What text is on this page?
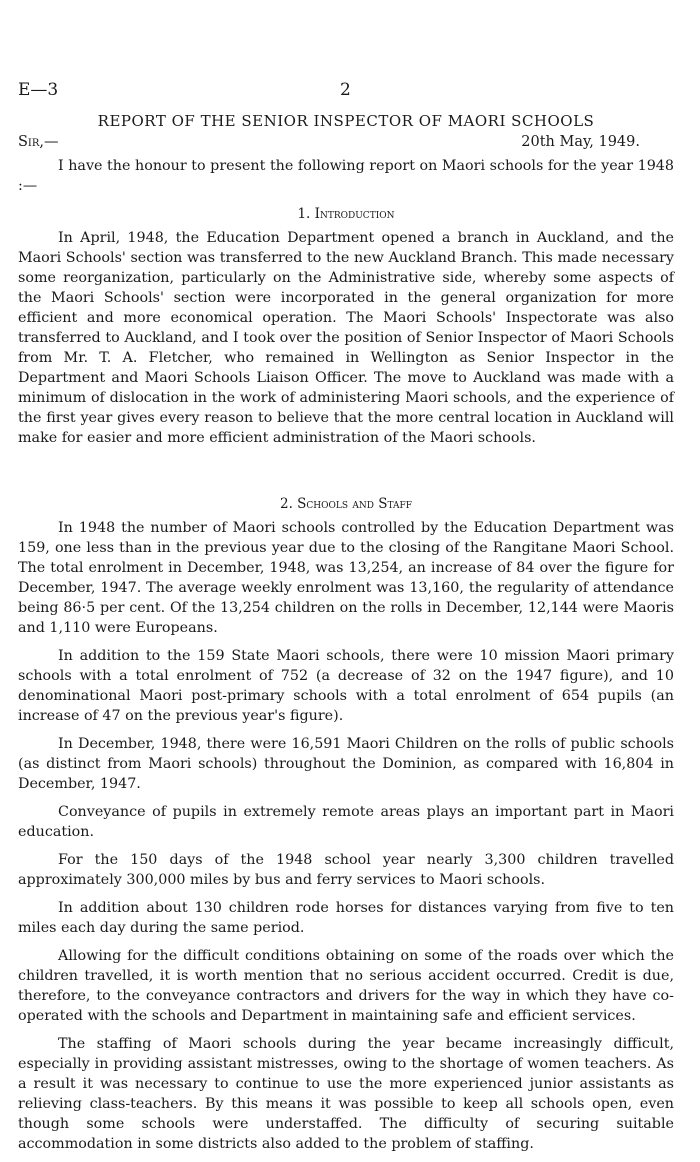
E—3	2
REPORT OF THE SENIOR INSPECTOR OF MAORI SCHOOLS
Sir,—	20th May, 1949.

I have the honour to present the following report on Maori schools for the year 1948 :—

1. Introduction

In April, 1948, the Education Department opened a branch in Auckland, and the Maori Schools' section was transferred to the new Auckland Branch. This made necessary some reorganization, particularly on the Administrative side, whereby some aspects of the Maori Schools' section were incorporated in the general organization for more efficient and more economical operation. The Maori Schools' Inspectorate was also transferred to Auckland, and I took over the position of Senior Inspector of Maori Schools from Mr. T. A. Fletcher, who remained in Wellington as Senior Inspector in the Department and Maori Schools Liaison Officer. The move to Auckland was made with a minimum of dislocation in the work of administering Maori schools, and the experience of the first year gives every reason to believe that the more central location in Auckland will make for easier and more efficient administration of the Maori schools.

2. Schools and Staff

In 1948 the number of Maori schools controlled by the Education Department was 159, one less than in the previous year due to the closing of the Rangitane Maori School. The total enrolment in December, 1948, was 13,254, an increase of 84 over the figure for December, 1947. The average weekly enrolment was 13,160, the regularity of attendance being 86·5 per cent. Of the 13,254 children on the rolls in December, 12,144 were Maoris and 1,110 were Europeans.

In addition to the 159 State Maori schools, there were 10 mission Maori primary schools with a total enrolment of 752 (a decrease of 32 on the 1947 figure), and 10 denominational Maori post-primary schools with a total enrolment of 654 pupils (an increase of 47 on the previous year's figure).

In December, 1948, there were 16,591 Maori Children on the rolls of public schools (as distinct from Maori schools) throughout the Dominion, as compared with 16,804 in December, 1947.

Conveyance of pupils in extremely remote areas plays an important part in Maori education.

For the 150 days of the 1948 school year nearly 3,300 children travelled approximately 300,000 miles by bus and ferry services to Maori schools.

In addition about 130 children rode horses for distances varying from five to ten miles each day during the same period.

Allowing for the difficult conditions obtaining on some of the roads over which the children travelled, it is worth mention that no serious accident occurred. Credit is due, therefore, to the conveyance contractors and drivers for the way in which they have co-operated with the schools and Department in maintaining safe and efficient services.

The staffing of Maori schools during the year became increasingly difficult, especially in providing assistant mistresses, owing to the shortage of women teachers. As a result it was necessary to continue to use the more experienced junior assistants as relieving class-teachers. By this means it was possible to keep all schools open, even though some schools were understaffed. The difficulty of securing suitable accommodation in some districts also added to the problem of staffing.
